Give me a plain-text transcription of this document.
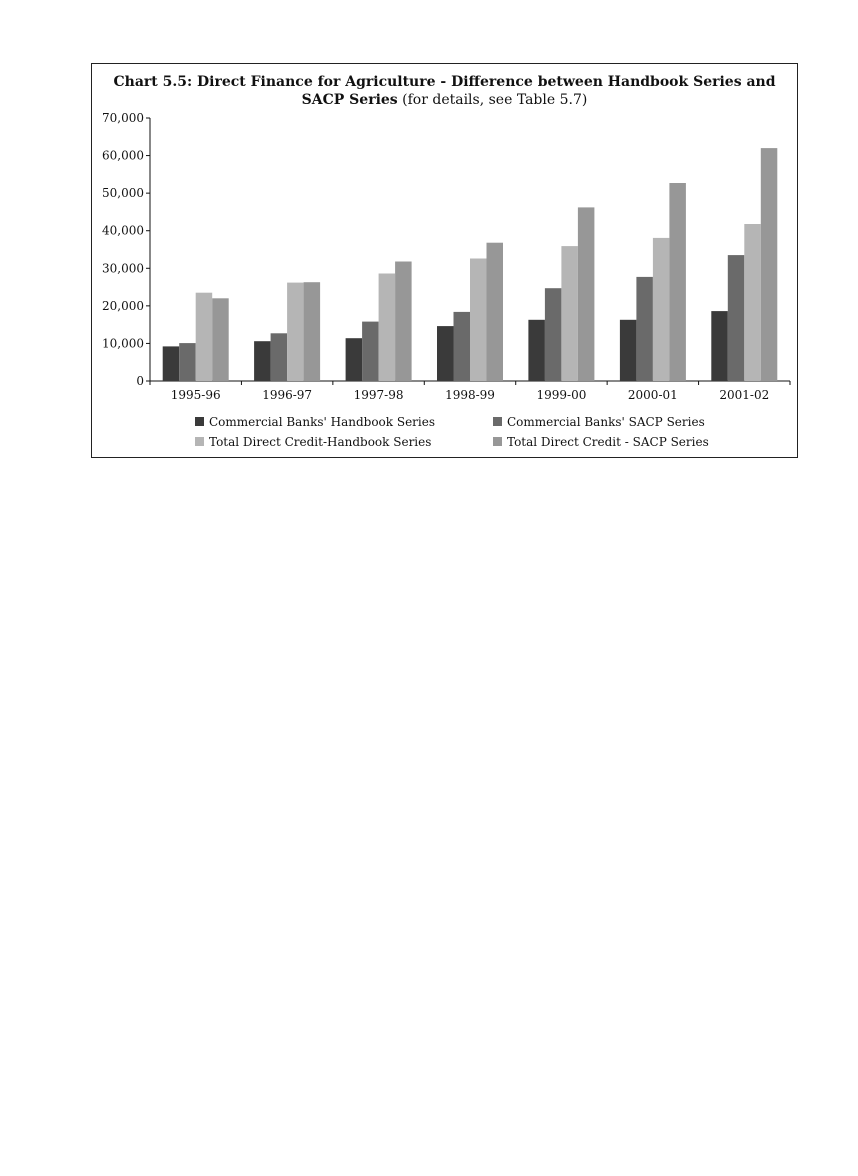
Chart 5.5: Direct Finance for Agriculture - Difference between Handbook Series and SACP Series (for details, see Table 5.7)
0
10,000
20,000
30,000
40,000
50,000
60,000
70,000
1995-96	1996-97	1997-98	1998-99	1999-00	2000-01	2001-02
Commercial Banks' Handbook Series	Commercial Banks' SACP Series
Total Direct Credit-Handbook Series	Total Direct Credit - SACP Series
